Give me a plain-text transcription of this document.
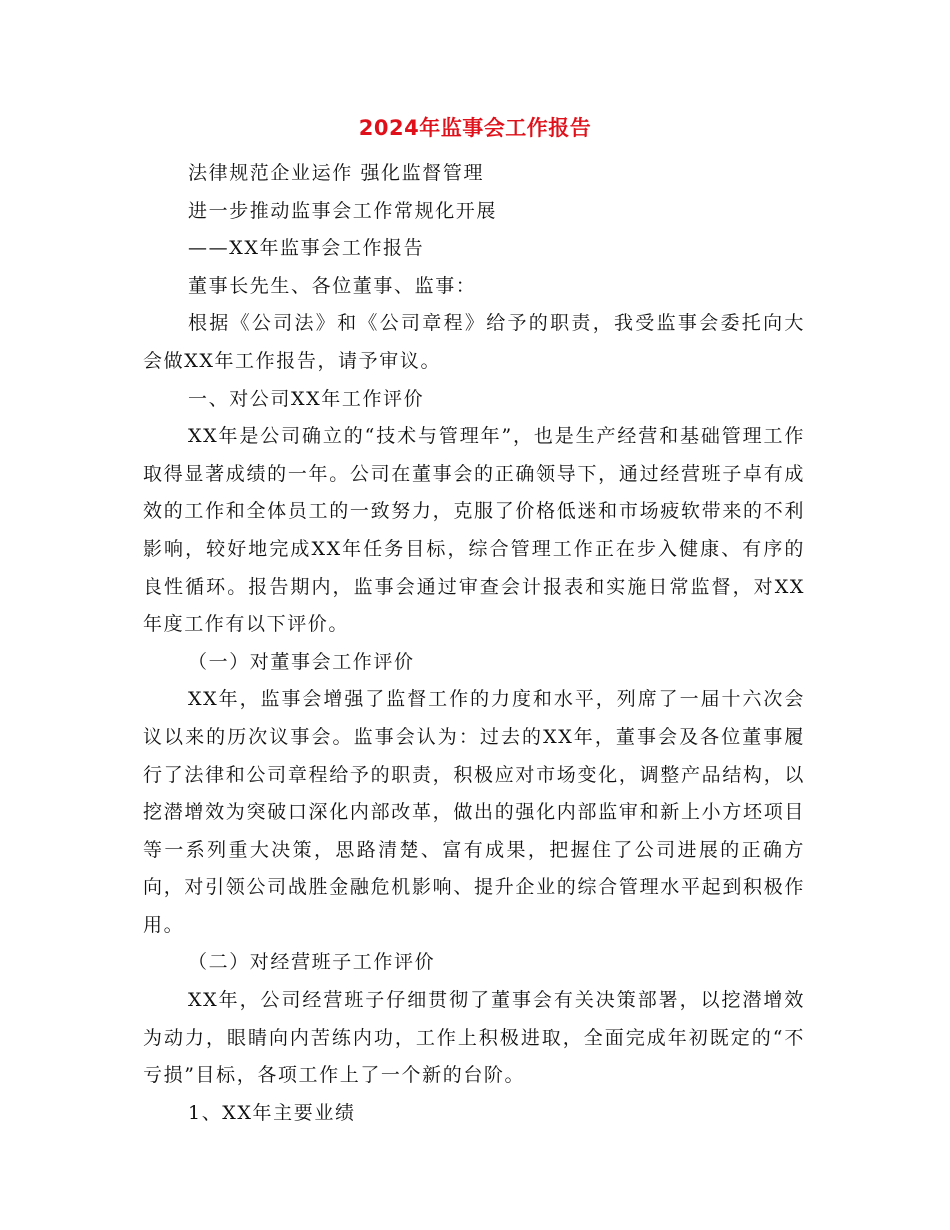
2024年监事会工作报告

法律规范企业运作 强化监督管理

进一步推动监事会工作常规化开展

——XX年监事会工作报告

董事长先生、各位董事、监事：

根据《公司法》和《公司章程》给予的职责，我受监事会委托向大会做XX年工作报告，请予审议。

一、对公司XX年工作评价

XX年是公司确立的“技术与管理年”，也是生产经营和基础管理工作取得显著成绩的一年。公司在董事会的正确领导下，通过经营班子卓有成效的工作和全体员工的一致努力，克服了价格低迷和市场疲软带来的不利影响，较好地完成XX年任务目标，综合管理工作正在步入健康、有序的良性循环。报告期内，监事会通过审查会计报表和实施日常监督，对XX年度工作有以下评价。

（一）对董事会工作评价

XX年，监事会增强了监督工作的力度和水平，列席了一届十六次会议以来的历次议事会。监事会认为：过去的XX年，董事会及各位董事履行了法律和公司章程给予的职责，积极应对市场变化，调整产品结构，以挖潜增效为突破口深化内部改革，做出的强化内部监审和新上小方坯项目等一系列重大决策，思路清楚、富有成果，把握住了公司进展的正确方向，对引领公司战胜金融危机影响、提升企业的综合管理水平起到积极作用。

（二）对经营班子工作评价

XX年，公司经营班子仔细贯彻了董事会有关决策部署，以挖潜增效为动力，眼睛向内苦练内功，工作上积极进取，全面完成年初既定的“不亏损”目标，各项工作上了一个新的台阶。

1、XX年主要业绩
